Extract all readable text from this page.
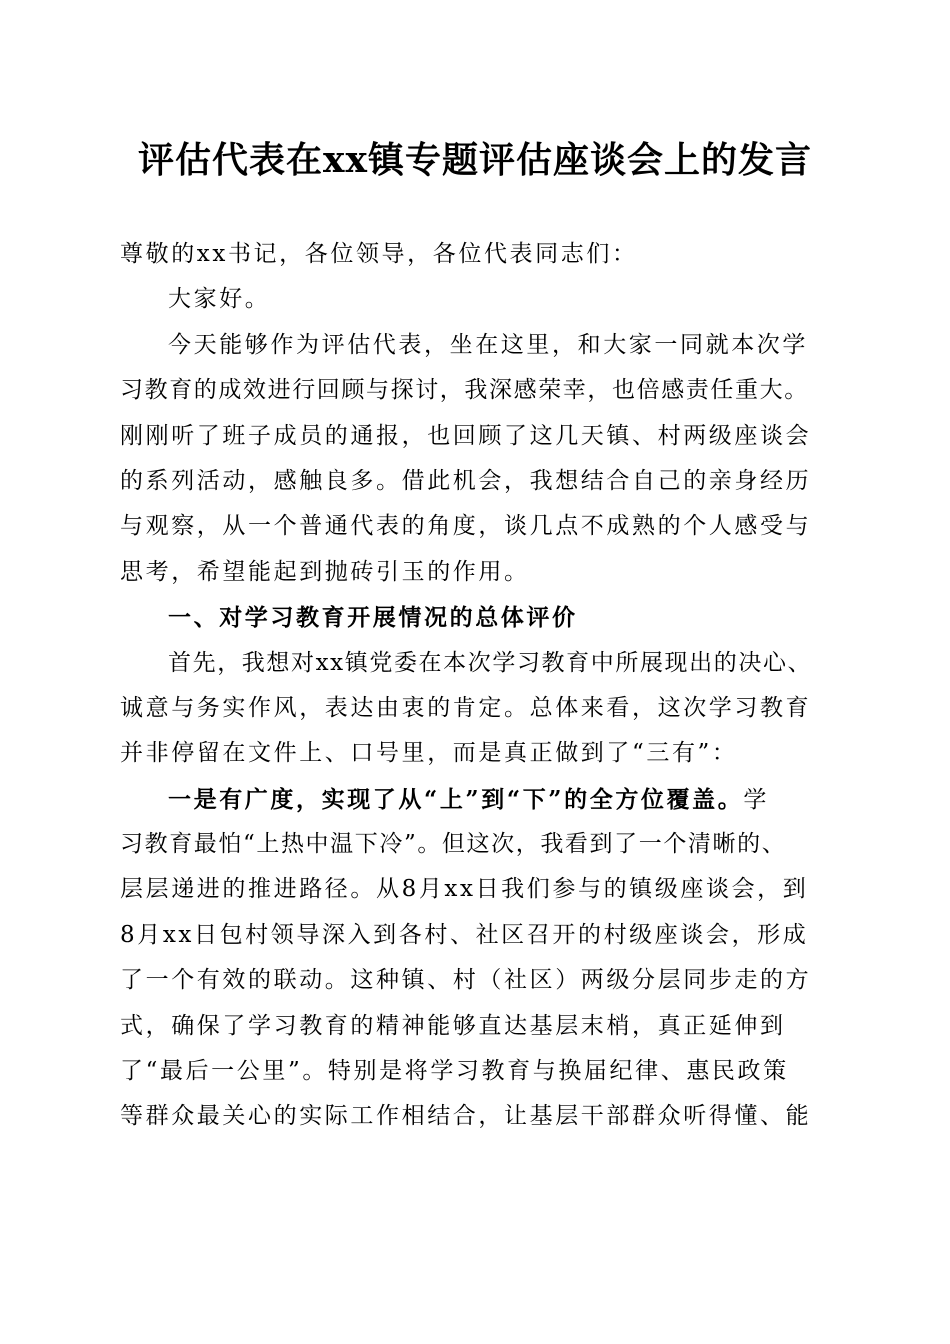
评估代表在xx镇专题评估座谈会上的发言
尊敬的xx书记，各位领导，各位代表同志们：
大家好。
今天能够作为评估代表，坐在这里，和大家一同就本次学
习教育的成效进行回顾与探讨，我深感荣幸，也倍感责任重大。
刚刚听了班子成员的通报，也回顾了这几天镇、村两级座谈会
的系列活动，感触良多。借此机会，我想结合自己的亲身经历
与观察，从一个普通代表的角度，谈几点不成熟的个人感受与
思考，希望能起到抛砖引玉的作用。
一、对学习教育开展情况的总体评价
首先，我想对xx镇党委在本次学习教育中所展现出的决心、
诚意与务实作风，表达由衷的肯定。总体来看，这次学习教育
并非停留在文件上、口号里，而是真正做到了“三有”：
一是有广度，实现了从“上”到“下”的全方位覆盖。学
习教育最怕“上热中温下冷”。但这次，我看到了一个清晰的、
层层递进的推进路径。从8月xx日我们参与的镇级座谈会，到
8月xx日包村领导深入到各村、社区召开的村级座谈会，形成
了一个有效的联动。这种镇、村（社区）两级分层同步走的方
式，确保了学习教育的精神能够直达基层末梢，真正延伸到
了“最后一公里”。特别是将学习教育与换届纪律、惠民政策
等群众最关心的实际工作相结合，让基层干部群众听得懂、能
